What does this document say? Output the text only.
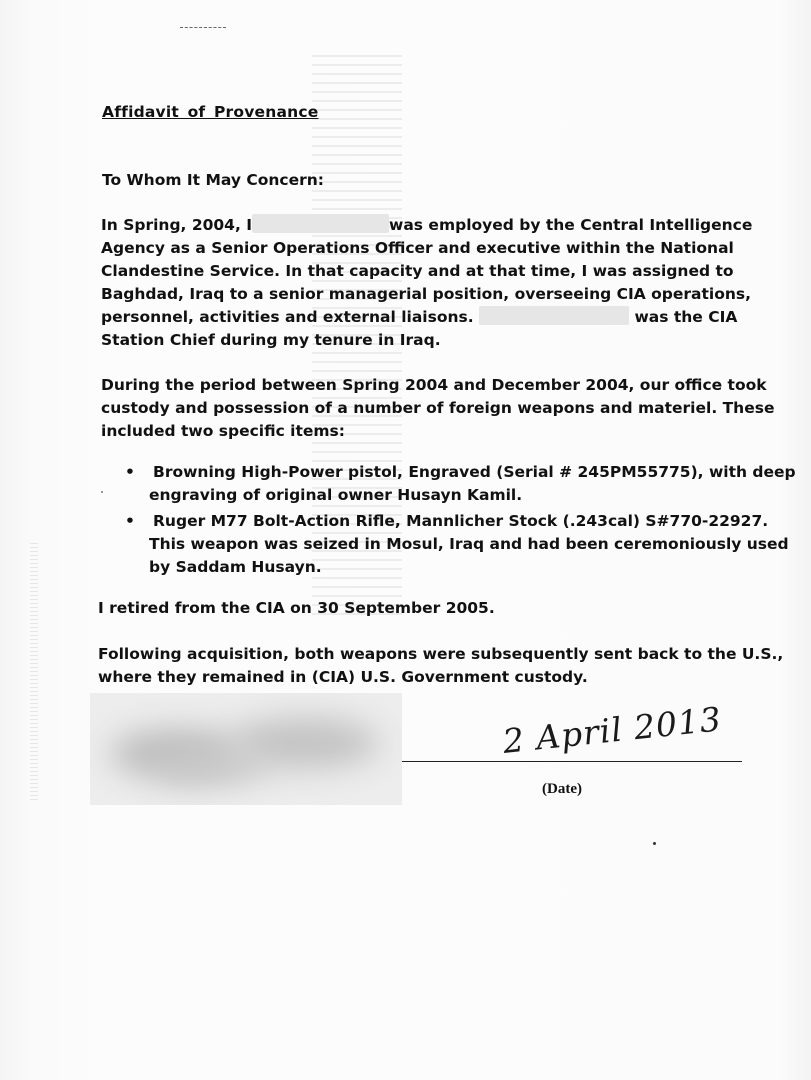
Affidavit of Provenance

To Whom It May Concern:

In Spring, 2004, I	was employed by the Central Intelligence
Agency as a Senior Operations Officer and executive within the National
Clandestine Service. In that capacity and at that time, I was assigned to
Baghdad, Iraq to a senior managerial position, overseeing CIA operations,
personnel, activities and external liaisons.	was the CIA
Station Chief during my tenure in Iraq.

During the period between Spring 2004 and December 2004, our office took
custody and possession of a number of foreign weapons and materiel. These
included two specific items:

• Browning High-Power pistol, Engraved (Serial # 245PM55775), with deep
engraving of original owner Husayn Kamil.
• Ruger M77 Bolt-Action Rifle, Mannlicher Stock (.243cal) S#770-22927.
This weapon was seized in Mosul, Iraq and had been ceremoniously used
by Saddam Husayn.

I retired from the CIA on 30 September 2005.

Following acquisition, both weapons were subsequently sent back to the U.S.,
where they remained in (CIA) U.S. Government custody.

2 April 2013

(Date)
